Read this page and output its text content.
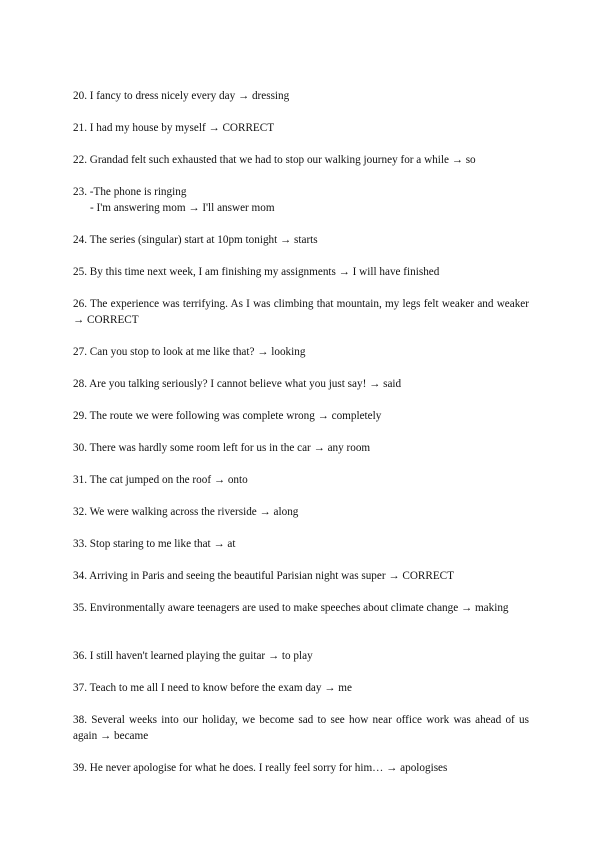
20. I fancy to dress nicely every day → dressing
21. I had my house by myself → CORRECT
22. Grandad felt such exhausted that we had to stop our walking journey for a while → so
23. -The phone is ringing
- I'm answering mom → I'll answer mom
24. The series (singular) start at 10pm tonight → starts
25. By this time next week, I am finishing my assignments → I will have finished
26. The experience was terrifying. As I was climbing that mountain, my legs felt weaker and weaker → CORRECT
27. Can you stop to look at me like that? → looking
28. Are you talking seriously? I cannot believe what you just say! → said
29. The route we were following was complete wrong → completely
30. There was hardly some room left for us in the car → any room
31. The cat jumped on the roof → onto
32. We were walking across the riverside → along
33. Stop staring to me like that → at
34. Arriving in Paris and seeing the beautiful Parisian night was super → CORRECT
35. Environmentally aware teenagers are used to make speeches about climate change → making
36. I still haven't learned playing the guitar → to play
37. Teach to me all I need to know before the exam day → me
38. Several weeks into our holiday, we become sad to see how near office work was ahead of us again → became
39. He never apologise for what he does. I really feel sorry for him… → apologises
